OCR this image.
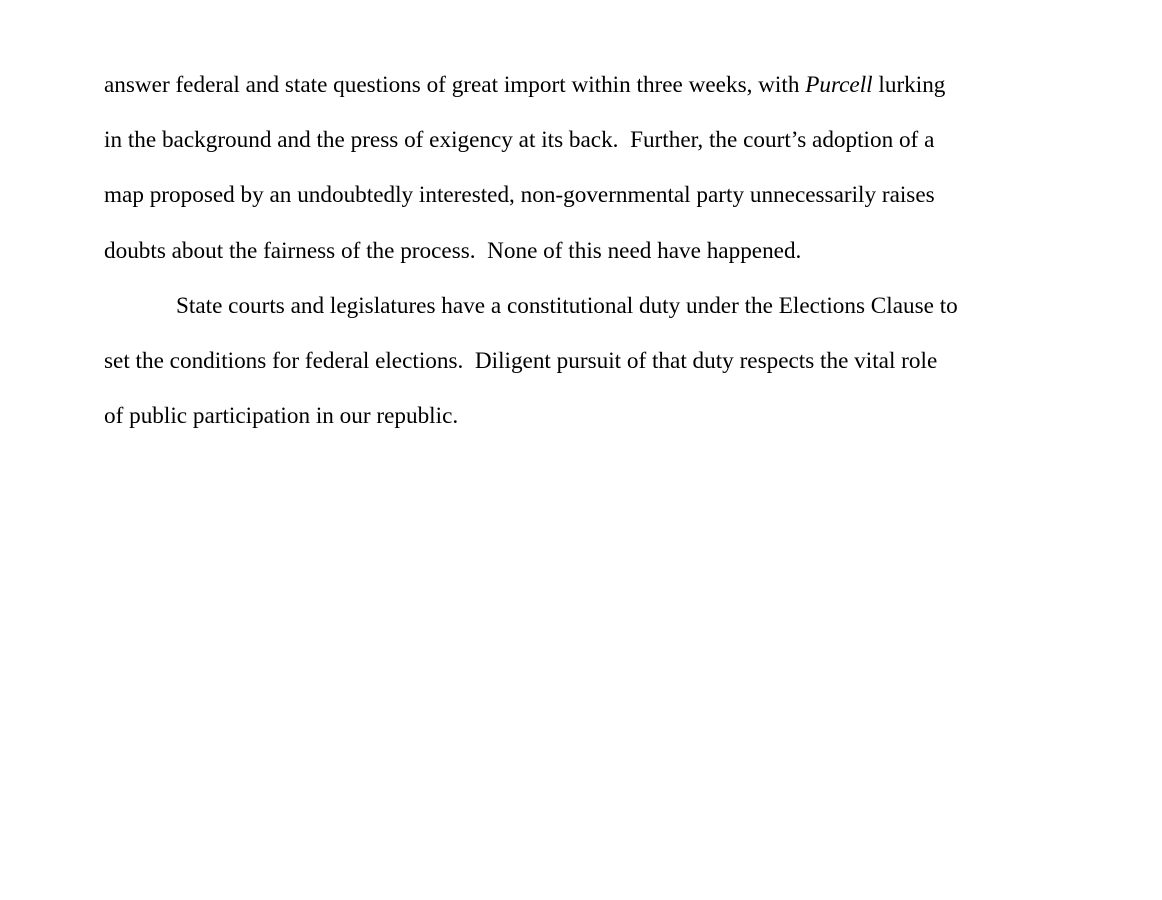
answer federal and state questions of great import within three weeks, with Purcell lurking
in the background and the press of exigency at its back.  Further, the court’s adoption of a
map proposed by an undoubtedly interested, non-governmental party unnecessarily raises
doubts about the fairness of the process.  None of this need have happened.
State courts and legislatures have a constitutional duty under the Elections Clause to
set the conditions for federal elections.  Diligent pursuit of that duty respects the vital role
of public participation in our republic.
